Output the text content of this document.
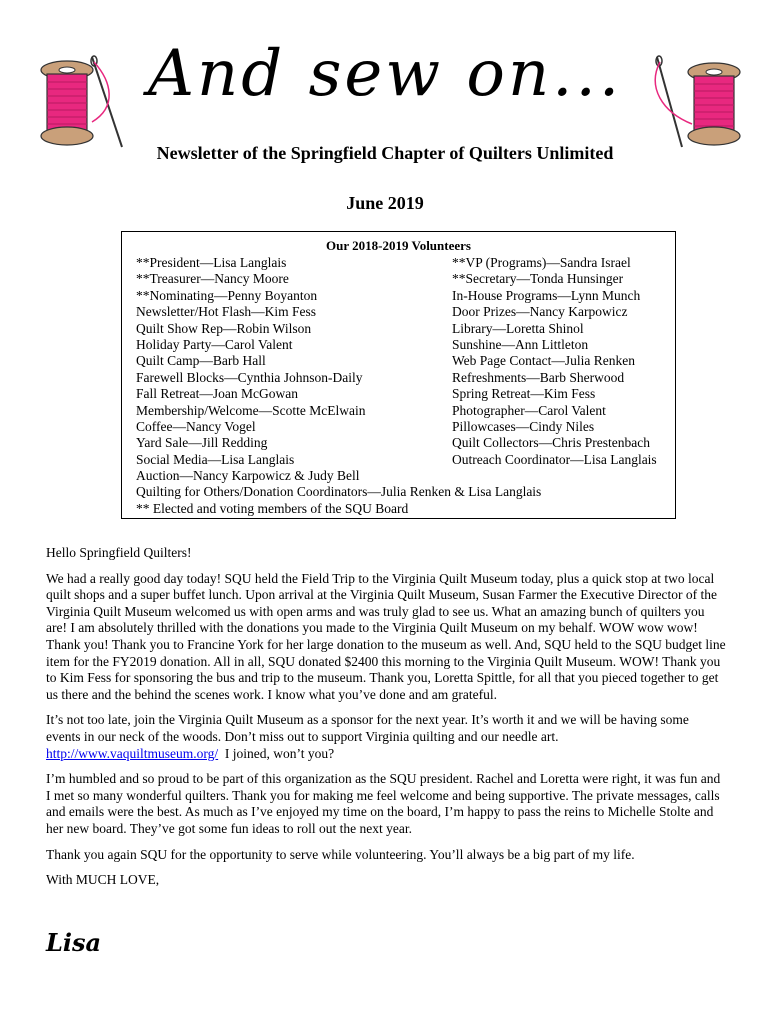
And sew on...
Newsletter of the Springfield Chapter of Quilters Unlimited
June 2019
Our 2018-2019 Volunteers
**President—Lisa Langlais
**Treasurer—Nancy Moore
**Nominating—Penny Boyanton
Newsletter/Hot Flash—Kim Fess
Quilt Show Rep—Robin Wilson
Holiday Party—Carol Valent
Quilt Camp—Barb Hall
Farewell Blocks—Cynthia Johnson-Daily
Fall Retreat—Joan McGowan
Membership/Welcome—Scotte McElwain
Coffee—Nancy Vogel
Yard Sale—Jill Redding
Social Media—Lisa Langlais
**VP (Programs)—Sandra Israel
**Secretary—Tonda Hunsinger
In-House Programs—Lynn Munch
Door Prizes—Nancy Karpowicz
Library—Loretta Shinol
Sunshine—Ann Littleton
Web Page Contact—Julia Renken
Refreshments—Barb Sherwood
Spring Retreat—Kim Fess
Photographer—Carol Valent
Pillowcases—Cindy Niles
Quilt Collectors—Chris Prestenbach
Outreach Coordinator—Lisa Langlais
Auction—Nancy Karpowicz & Judy Bell
Quilting for Others/Donation Coordinators—Julia Renken & Lisa Langlais
** Elected and voting members of the SQU Board

Hello Springfield Quilters!

We had a really good day today! SQU held the Field Trip to the Virginia Quilt Museum today, plus a quick stop at two local quilt shops and a super buffet lunch. Upon arrival at the Virginia Quilt Museum, Susan Farmer the Executive Director of the Virginia Quilt Museum welcomed us with open arms and was truly glad to see us. What an amazing bunch of quilters you are! I am absolutely thrilled with the donations you made to the Virginia Quilt Museum on my behalf. WOW wow wow! Thank you! Thank you to Francine York for her large donation to the museum as well. And, SQU held to the SQU budget line item for the FY2019 donation. All in all, SQU donated $2400 this morning to the Virginia Quilt Museum. WOW! Thank you to Kim Fess for sponsoring the bus and trip to the museum. Thank you, Loretta Spittle, for all that you pieced together to get us there and the behind the scenes work. I know what you’ve done and am grateful.

It’s not too late, join the Virginia Quilt Museum as a sponsor for the next year. It’s worth it and we will be having some events in our neck of the woods. Don’t miss out to support Virginia quilting and our needle art.
http://www.vaquiltmuseum.org/  I joined, won’t you?

I’m humbled and so proud to be part of this organization as the SQU president. Rachel and Loretta were right, it was fun and I met so many wonderful quilters. Thank you for making me feel welcome and being supportive. The private messages, calls and emails were the best. As much as I’ve enjoyed my time on the board, I’m happy to pass the reins to Michelle Stolte and her new board. They’ve got some fun ideas to roll out the next year.

Thank you again SQU for the opportunity to serve while volunteering. You’ll always be a big part of my life.

With MUCH LOVE,

Lisa
